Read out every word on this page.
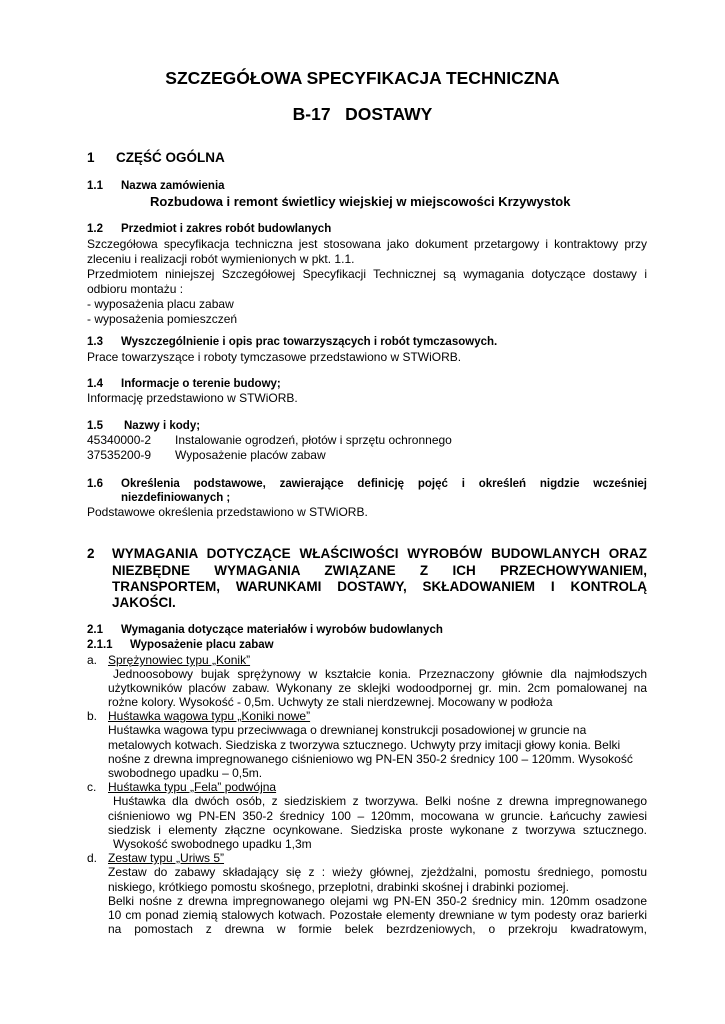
SZCZEGÓŁOWA SPECYFIKACJA TECHNICZNA
B-17 DOSTAWY
1 CZĘŚĆ OGÓLNA
1.1 Nazwa zamówienia
Rozbudowa i remont świetlicy wiejskiej w miejscowości Krzywystok
1.2 Przedmiot i zakres robót budowlanych
Szczegółowa specyfikacja techniczna jest stosowana jako dokument przetargowy i kontraktowy przy
zleceniu i realizacji robót wymienionych w pkt. 1.1.
Przedmiotem niniejszej Szczegółowej Specyfikacji Technicznej są wymagania dotyczące dostawy i
odbioru montażu :
- wyposażenia placu zabaw
- wyposażenia pomieszczeń
1.3 Wyszczególnienie i opis prac towarzyszących i robót tymczasowych.
Prace towarzyszące i roboty tymczasowe przedstawiono w STWiORB.
1.4 Informacje o terenie budowy;
Informację przedstawiono w STWiORB.
1.5 Nazwy i kody;
45340000-2 Instalowanie ogrodzeń, płotów i sprzętu ochronnego
37535200-9 Wyposażenie placów zabaw
1.6 Określenia podstawowe, zawierające definicję pojęć i określeń nigdzie wcześniej
niezdefiniowanych ;
Podstawowe określenia przedstawiono w STWiORB.
2 WYMAGANIA DOTYCZĄCE WŁAŚCIWOŚCI WYROBÓW BUDOWLANYCH ORAZ
NIEZBĘDNE WYMAGANIA ZWIĄZANE Z ICH PRZECHOWYWANIEM,
TRANSPORTEM, WARUNKAMI DOSTAWY, SKŁADOWANIEM I KONTROLĄ
JAKOŚCI.
2.1 Wymagania dotyczące materiałów i wyrobów budowlanych
2.1.1 Wyposażenie placu zabaw
a. Sprężynowiec typu „Konik”
Jednoosobowy bujak sprężynowy w kształcie konia. Przeznaczony głównie dla najmłodszych
użytkowników placów zabaw. Wykonany ze sklejki wodoodpornej gr. min. 2cm pomalowanej na
rożne kolory. Wysokość - 0,5m. Uchwyty ze stali nierdzewnej. Mocowany w podłoża
b. Huśtawka wagowa typu „Koniki nowe”
Huśtawka wagowa typu przeciwwaga o drewnianej konstrukcji posadowionej w gruncie na
metalowych kotwach. Siedziska z tworzywa sztucznego. Uchwyty przy imitacji głowy konia. Belki
nośne z drewna impregnowanego ciśnieniowo wg PN-EN 350-2 średnicy 100 – 120mm. Wysokość
swobodnego upadku – 0,5m.
c. Huśtawka typu „Fela” podwójna
Huśtawka dla dwóch osób, z siedziskiem z tworzywa. Belki nośne z drewna impregnowanego
ciśnieniowo wg PN-EN 350-2 średnicy 100 – 120mm, mocowana w gruncie. Łańcuchy zawiesi
siedzisk i elementy złączne ocynkowane. Siedziska proste wykonane z tworzywa sztucznego.
Wysokość swobodnego upadku 1,3m
d. Zestaw typu „Uriws 5”
Zestaw do zabawy składający się z : wieży głównej, zjeżdżalni, pomostu średniego, pomostu
niskiego, krótkiego pomostu skośnego, przeplotni, drabinki skośnej i drabinki poziomej.
Belki nośne z drewna impregnowanego olejami wg PN-EN 350-2 średnicy min. 120mm osadzone
10 cm ponad ziemią stalowych kotwach. Pozostałe elementy drewniane w tym podesty oraz barierki
na pomostach z drewna w formie belek bezrdzeniowych, o przekroju kwadratowym,
